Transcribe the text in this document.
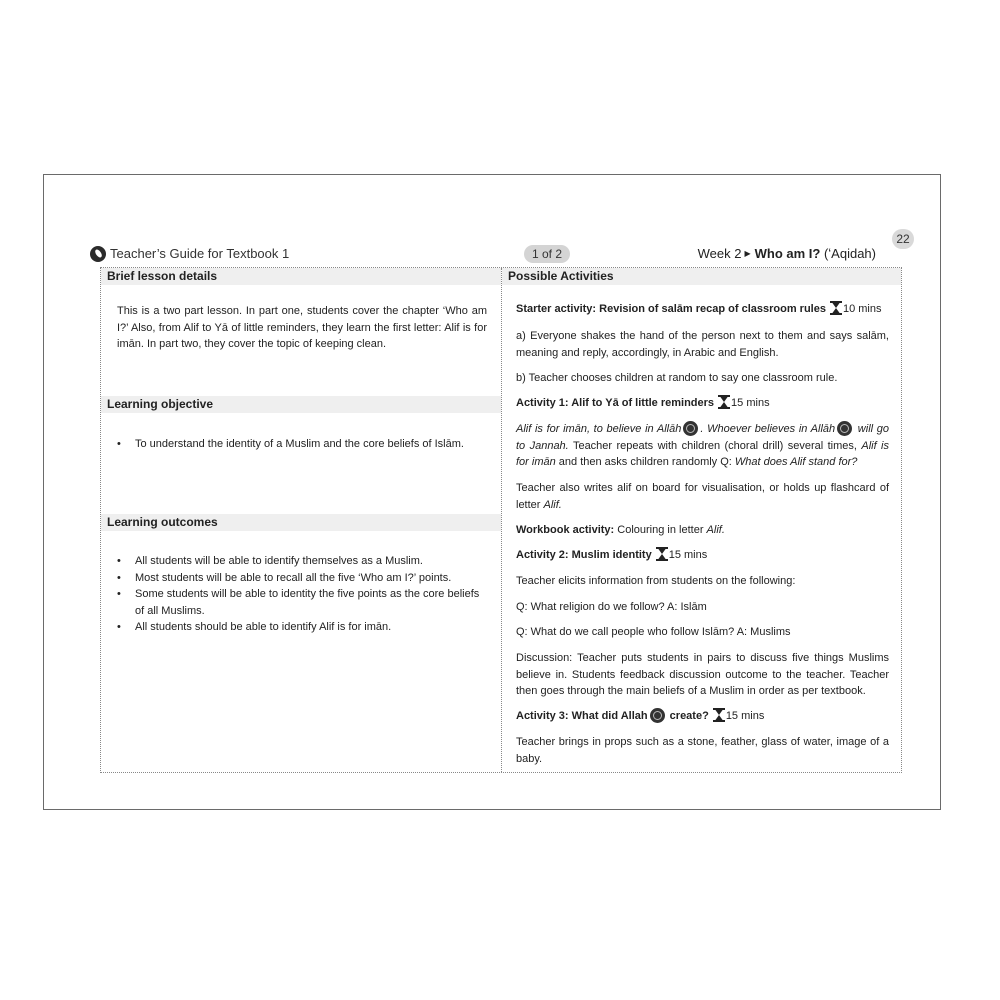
22
Teacher’s Guide for Textbook 1	1 of 2	Week 2 ▶ Who am I? (ʻAqidah)
Brief lesson details
This is a two part lesson. In part one, students cover the chapter ‘Who am I?’ Also, from Alif to Yā of little reminders, they learn the first letter: Alif is for imān. In part two, they cover the topic of keeping clean.
Learning objective
• To understand the identity of a Muslim and the core beliefs of Islām.
Learning outcomes
• All students will be able to identify themselves as a Muslim.
• Most students will be able to recall all the five ‘Who am I?’ points.
• Some students will be able to identity the five points as the core beliefs of all Muslims.
• All students should be able to identify Alif is for imān.
Possible Activities
Starter activity: Revision of salām recap of classroom rules 10 mins
a) Everyone shakes the hand of the person next to them and says salām, meaning and reply, accordingly, in Arabic and English.
b) Teacher chooses children at random to say one classroom rule.
Activity 1: Alif to Yā of little reminders 15 mins
Alif is for imān, to believe in Allāh . Whoever believes in Allāh will go to Jannah. Teacher repeats with children (choral drill) several times, Alif is for imān and then asks children randomly Q: What does Alif stand for?
Teacher also writes alif on board for visualisation, or holds up flashcard of letter Alif.
Workbook activity: Colouring in letter Alif.
Activity 2: Muslim identity 15 mins
Teacher elicits information from students on the following:
Q: What religion do we follow? A: Islām
Q: What do we call people who follow Islām? A: Muslims
Discussion: Teacher puts students in pairs to discuss five things Muslims believe in. Students feedback discussion outcome to the teacher. Teacher then goes through the main beliefs of a Muslim in order as per textbook.
Activity 3: What did Allah create? 15 mins
Teacher brings in props such as a stone, feather, glass of water, image of a baby.
